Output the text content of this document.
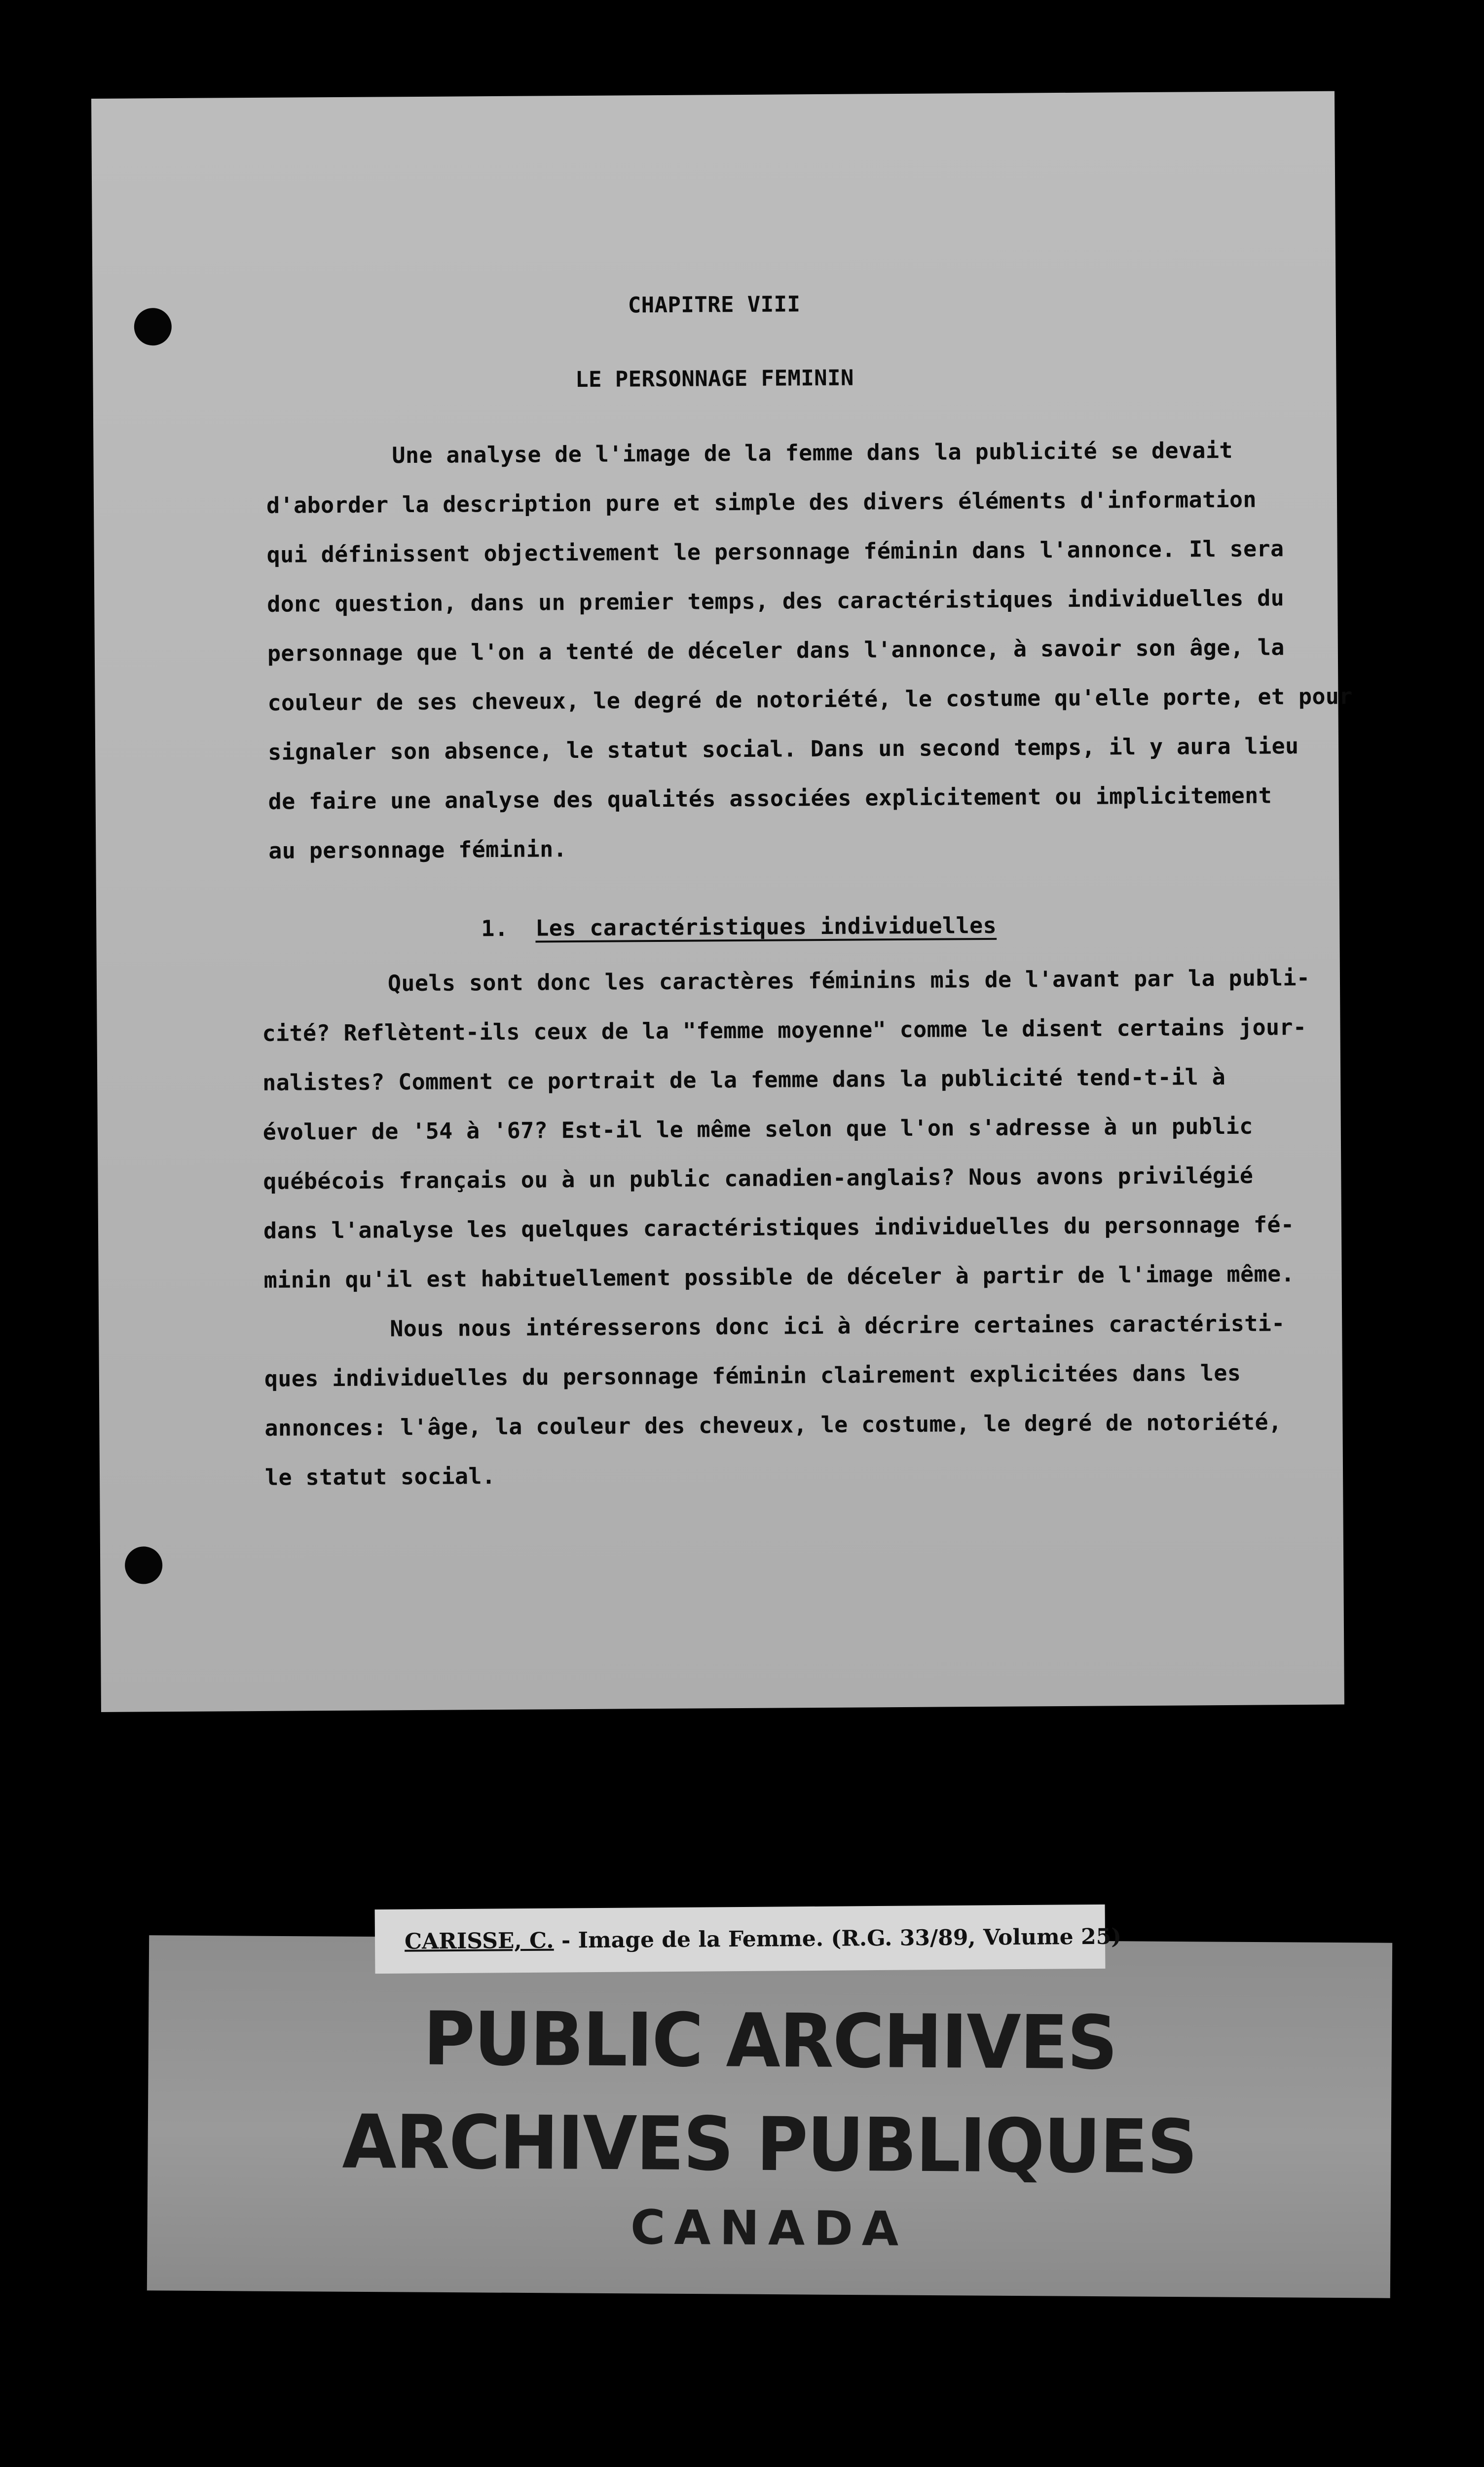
CHAPITRE VIII
LE PERSONNAGE FEMININ
Une analyse de l'image de la femme dans la publicité se devait
d'aborder la description pure et simple des divers éléments d'information
qui définissent objectivement le personnage féminin dans l'annonce. Il sera
donc question, dans un premier temps, des caractéristiques individuelles du
personnage que l'on a tenté de déceler dans l'annonce, à savoir son âge, la
couleur de ses cheveux, le degré de notoriété, le costume qu'elle porte, et pour
signaler son absence, le statut social. Dans un second temps, il y aura lieu
de faire une analyse des qualités associées explicitement ou implicitement
au personnage féminin.
1. Les caractéristiques individuelles
Quels sont donc les caractères féminins mis de l'avant par la publi-
cité? Reflètent-ils ceux de la "femme moyenne" comme le disent certains jour-
nalistes? Comment ce portrait de la femme dans la publicité tend-t-il à
évoluer de '54 à '67? Est-il le même selon que l'on s'adresse à un public
québécois français ou à un public canadien-anglais? Nous avons privilégié
dans l'analyse les quelques caractéristiques individuelles du personnage fé-
minin qu'il est habituellement possible de déceler à partir de l'image même.
Nous nous intéresserons donc ici à décrire certaines caractéristi-
ques individuelles du personnage féminin clairement explicitées dans les
annonces: l'âge, la couleur des cheveux, le costume, le degré de notoriété,
le statut social.
PUBLIC ARCHIVES
ARCHIVES PUBLIQUES
CANADA
CARISSE, C. - Image de la Femme. (R.G. 33/89, Volume 25)
